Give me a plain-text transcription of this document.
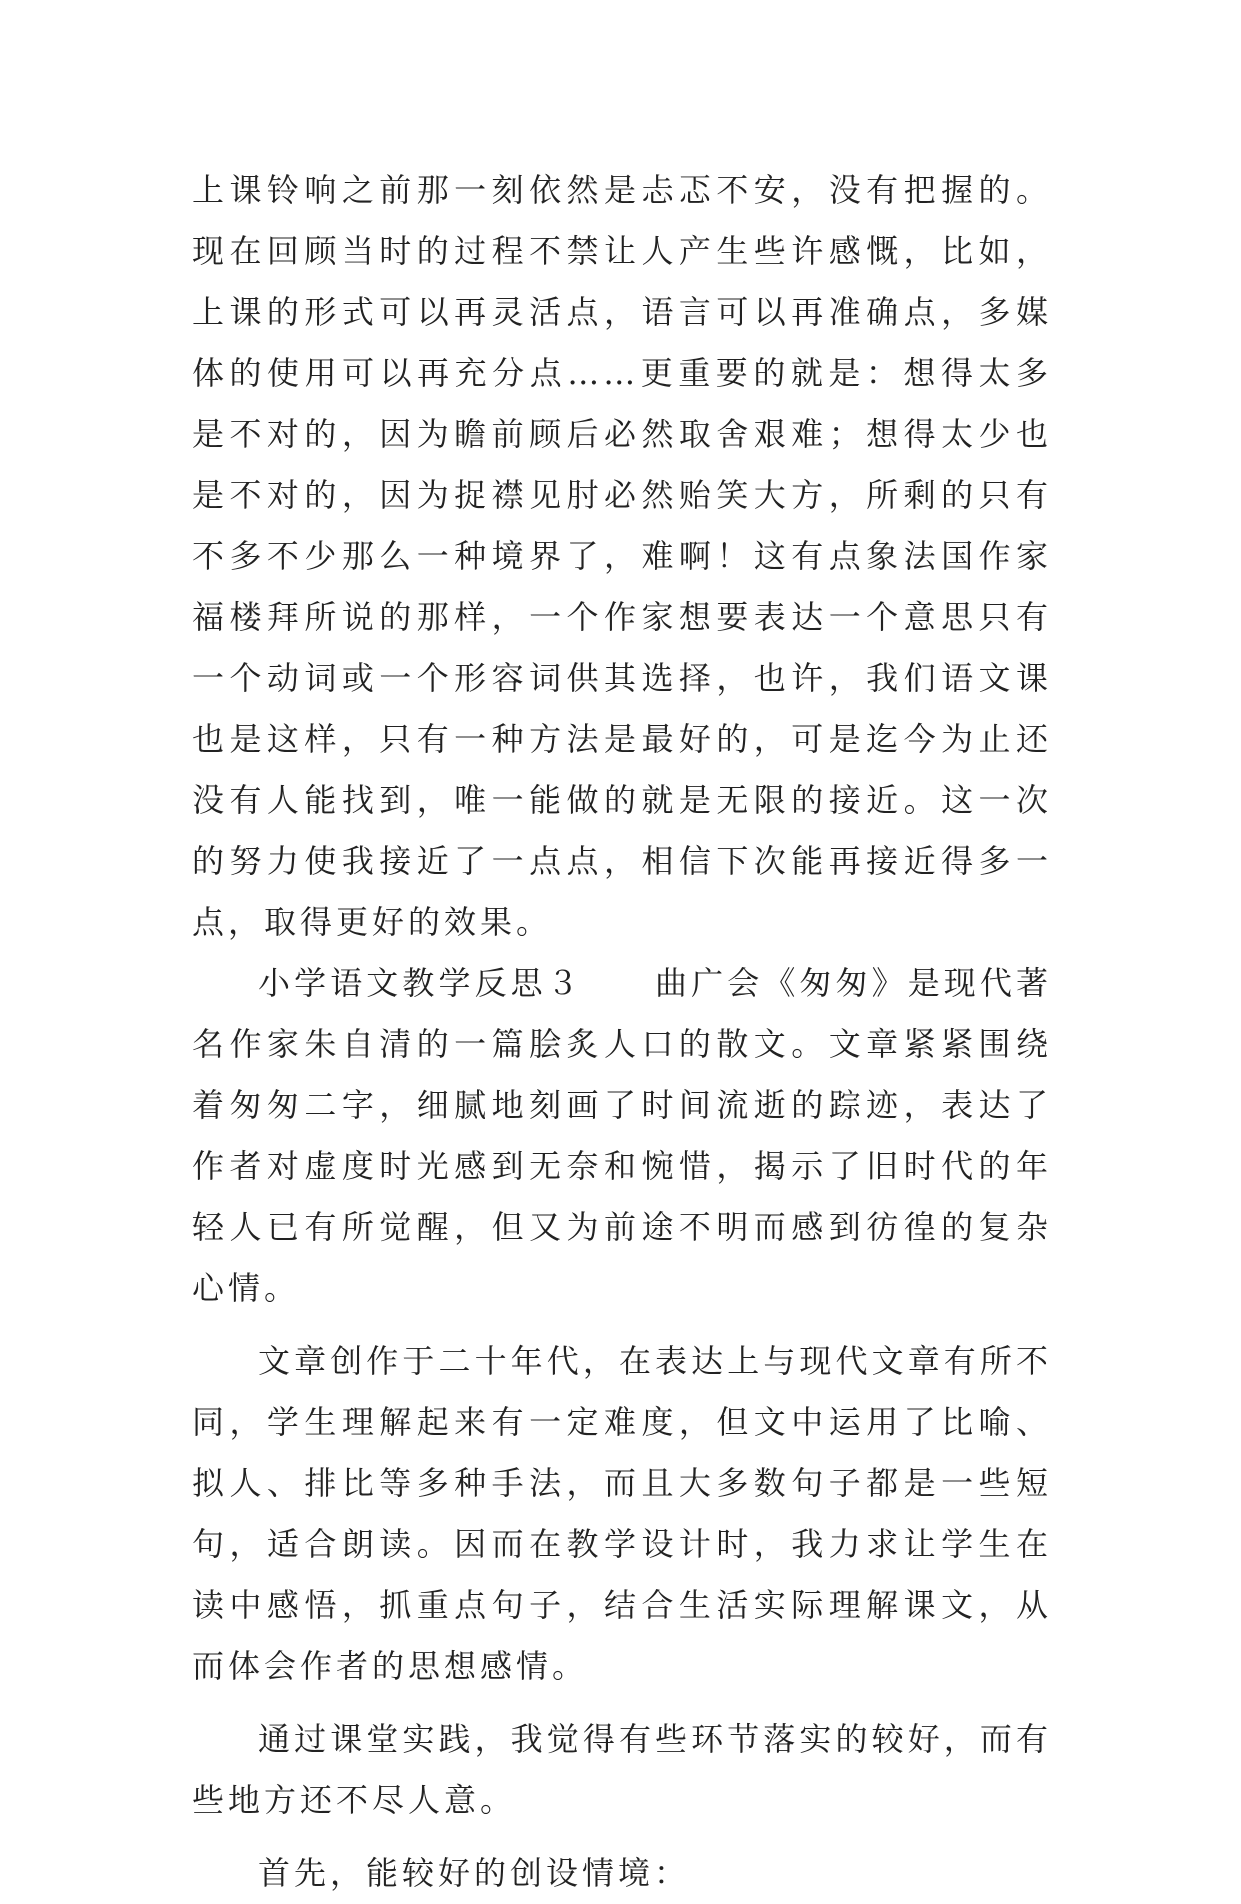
上课铃响之前那一刻依然是忐忑不安，没有把握的。现在回顾当时的过程不禁让人产生些许感慨，比如，上课的形式可以再灵活点，语言可以再准确点，多媒体的使用可以再充分点……更重要的就是：想得太多是不对的，因为瞻前顾后必然取舍艰难；想得太少也是不对的，因为捉襟见肘必然贻笑大方，所剩的只有不多不少那么一种境界了，难啊！这有点象法国作家福楼拜所说的那样，一个作家想要表达一个意思只有一个动词或一个形容词供其选择，也许，我们语文课也是这样，只有一种方法是最好的，可是迄今为止还没有人能找到，唯一能做的就是无限的接近。这一次的努力使我接近了一点点，相信下次能再接近得多一点，取得更好的效果。

小学语文教学反思３　　曲广会《匆匆》是现代著名作家朱自清的一篇脍炙人口的散文。文章紧紧围绕着匆匆二字，细腻地刻画了时间流逝的踪迹，表达了作者对虚度时光感到无奈和惋惜，揭示了旧时代的年轻人已有所觉醒，但又为前途不明而感到彷徨的复杂心情。

文章创作于二十年代，在表达上与现代文章有所不同，学生理解起来有一定难度，但文中运用了比喻、拟人、排比等多种手法，而且大多数句子都是一些短句，适合朗读。因而在教学设计时，我力求让学生在读中感悟，抓重点句子，结合生活实际理解课文，从而体会作者的思想感情。

通过课堂实践，我觉得有些环节落实的较好，而有些地方还不尽人意。

首先，能较好的创设情境：
